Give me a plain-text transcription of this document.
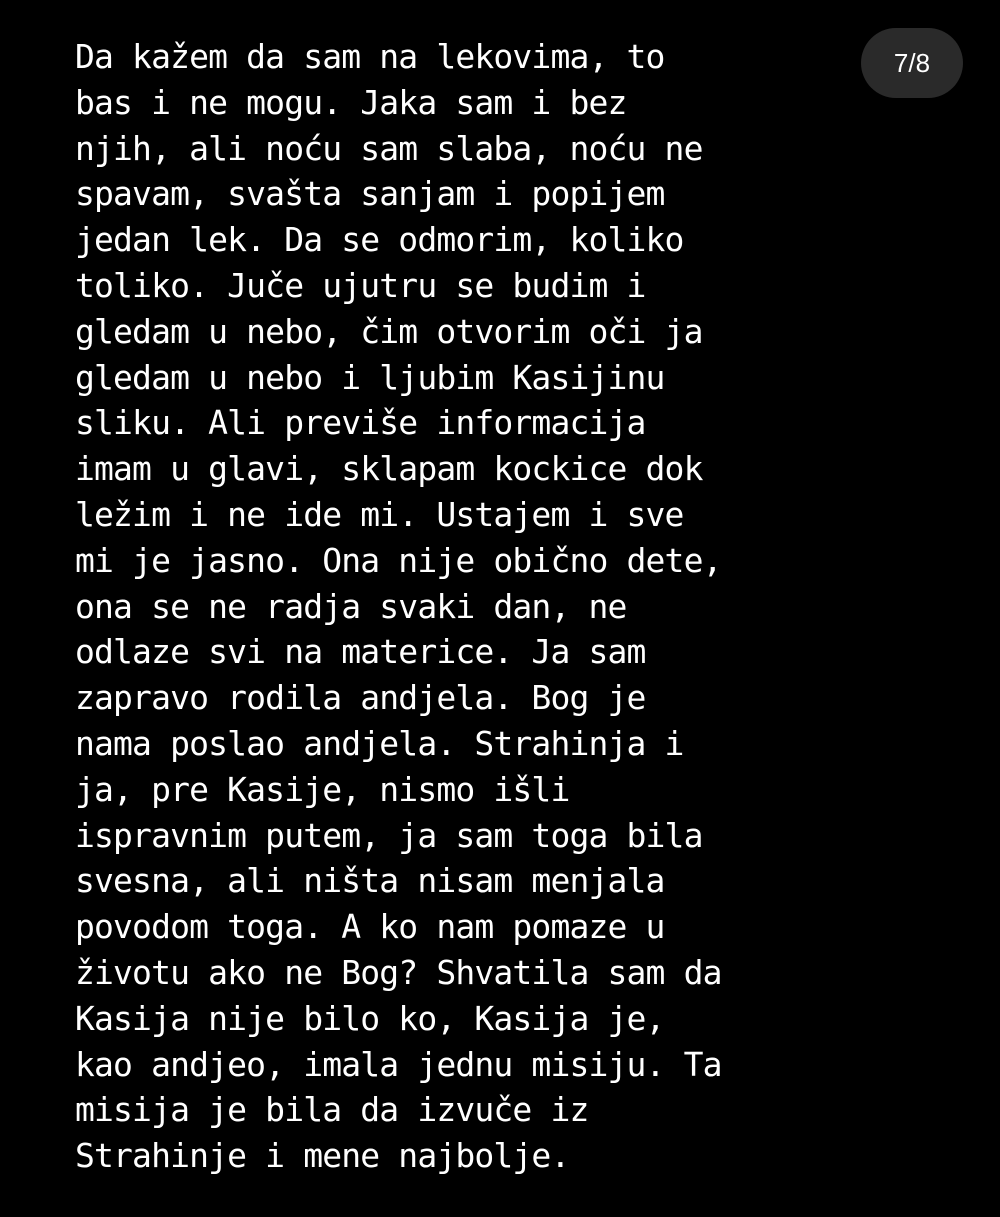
7/8
Da kažem da sam na lekovima, to
bas i ne mogu. Jaka sam i bez
njih, ali noću sam slaba, noću ne
spavam, svašta sanjam i popijem
jedan lek. Da se odmorim, koliko
toliko. Juče ujutru se budim i
gledam u nebo, čim otvorim oči ja
gledam u nebo i ljubim Kasijinu
sliku. Ali previše informacija
imam u glavi, sklapam kockice dok
ležim i ne ide mi. Ustajem i sve
mi je jasno. Ona nije obično dete,
ona se ne radja svaki dan, ne
odlaze svi na materice. Ja sam
zapravo rodila andjela. Bog je
nama poslao andjela. Strahinja i
ja, pre Kasije, nismo išli
ispravnim putem, ja sam toga bila
svesna, ali ništa nisam menjala
povodom toga. A ko nam pomaze u
životu ako ne Bog? Shvatila sam da
Kasija nije bilo ko, Kasija je,
kao andjeo, imala jednu misiju. Ta
misija je bila da izvuče iz
Strahinje i mene najbolje.
